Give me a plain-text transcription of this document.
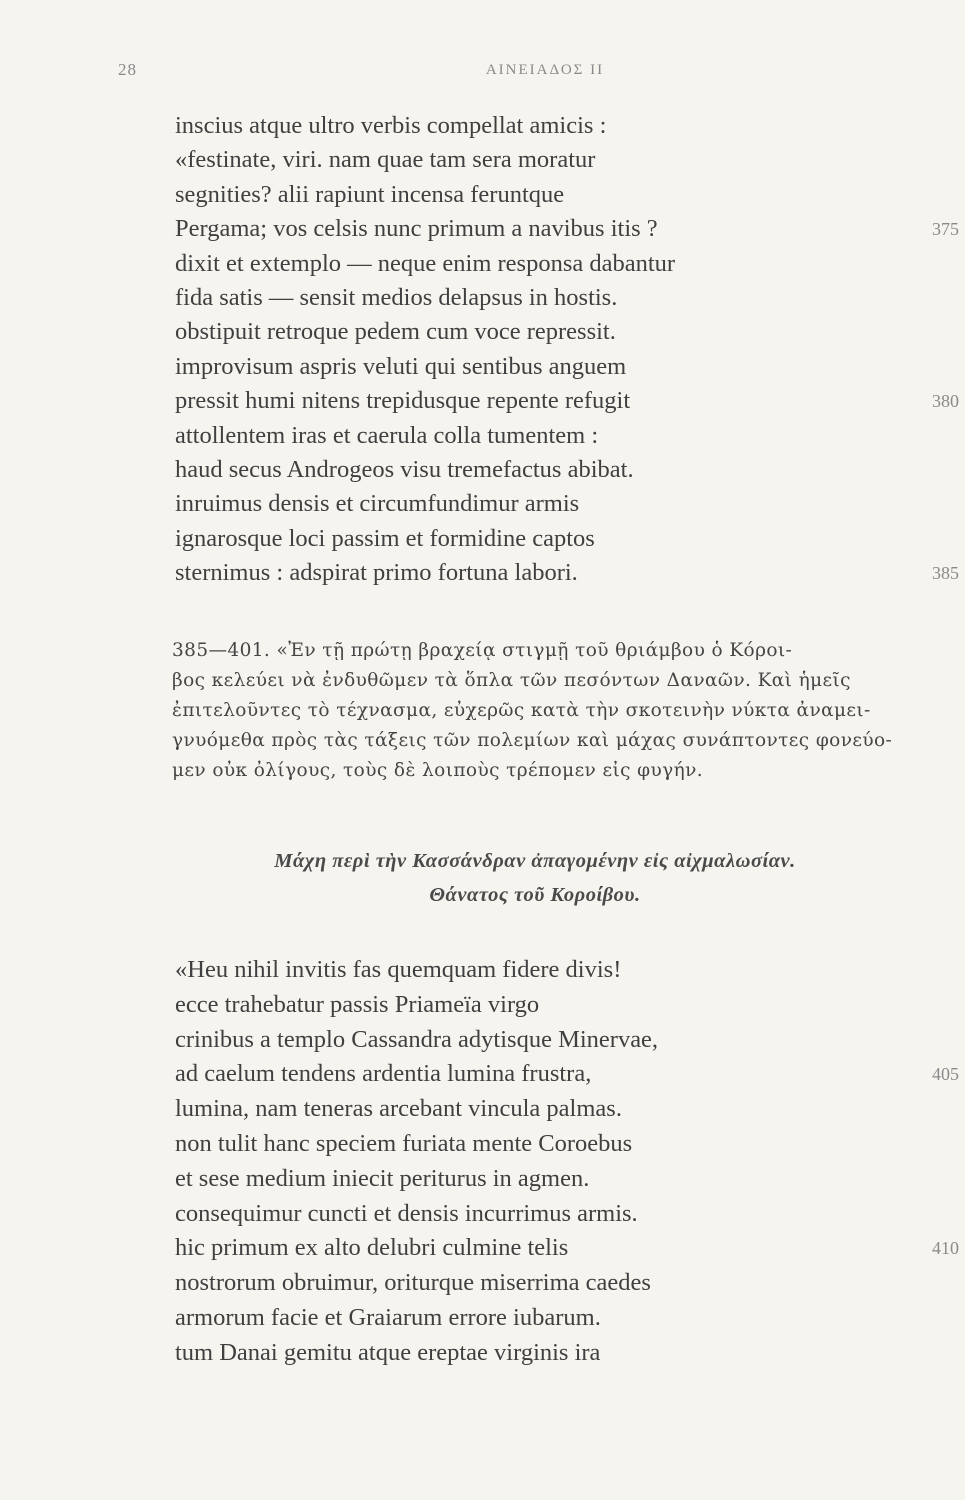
28	ΑΙΝΕΙΑΔΟΣ ΙΙ
inscius atque ultro verbis compellat amicis :
«festinate, viri. nam quae tam sera moratur
segnities? alii rapiunt incensa feruntque
Pergama; vos celsis nunc primum a navibus itis ?	375
dixit et extemplo — neque enim responsa dabantur
fida satis — sensit medios delapsus in hostis.
obstipuit retroque pedem cum voce repressit.
improvisum aspris veluti qui sentibus anguem
pressit humi nitens trepidusque repente refugit	380
attollentem iras et caerula colla tumentem :
haud secus Androgeos visu tremefactus abibat.
inruimus densis et circumfundimur armis
ignarosque loci passim et formidine captos
sternimus : adspirat primo fortuna labori.	385
385—401. «Ἐν τῇ πρώτῃ βραχείᾳ στιγμῇ τοῦ θριάμβου ὁ Κόροι-
βος κελεύει νὰ ἐνδυθῶμεν τὰ ὅπλα τῶν πεσόντων Δαναῶν. Καὶ ἡμεῖς
ἐπιτελοῦντες τὸ τέχνασμα, εὐχερῶς κατὰ τὴν σκοτεινὴν νύκτα ἀναμει-
γνυόμεθα πρὸς τὰς τάξεις τῶν πολεμίων καὶ μάχας συνάπτοντες φονεύο-
μεν οὐκ ὀλίγους, τοὺς δὲ λοιποὺς τρέπομεν εἰς φυγήν.
Μάχη περὶ τὴν Κασσάνδραν ἀπαγομένην εἰς αἰχμαλωσίαν.
Θάνατος τοῦ Κοροίβου.
«Heu nihil invitis fas quemquam fidere divis!
ecce trahebatur passis Priameïa virgo
crinibus a templo Cassandra adytisque Minervae,
ad caelum tendens ardentia lumina frustra,	405
lumina, nam teneras arcebant vincula palmas.
non tulit hanc speciem furiata mente Coroebus
et sese medium iniecit periturus in agmen.
consequimur cuncti et densis incurrimus armis.
hic primum ex alto delubri culmine telis	410
nostrorum obruimur, oriturque miserrima caedes
armorum facie et Graiarum errore iubarum.
tum Danai gemitu atque ereptae virginis ira
